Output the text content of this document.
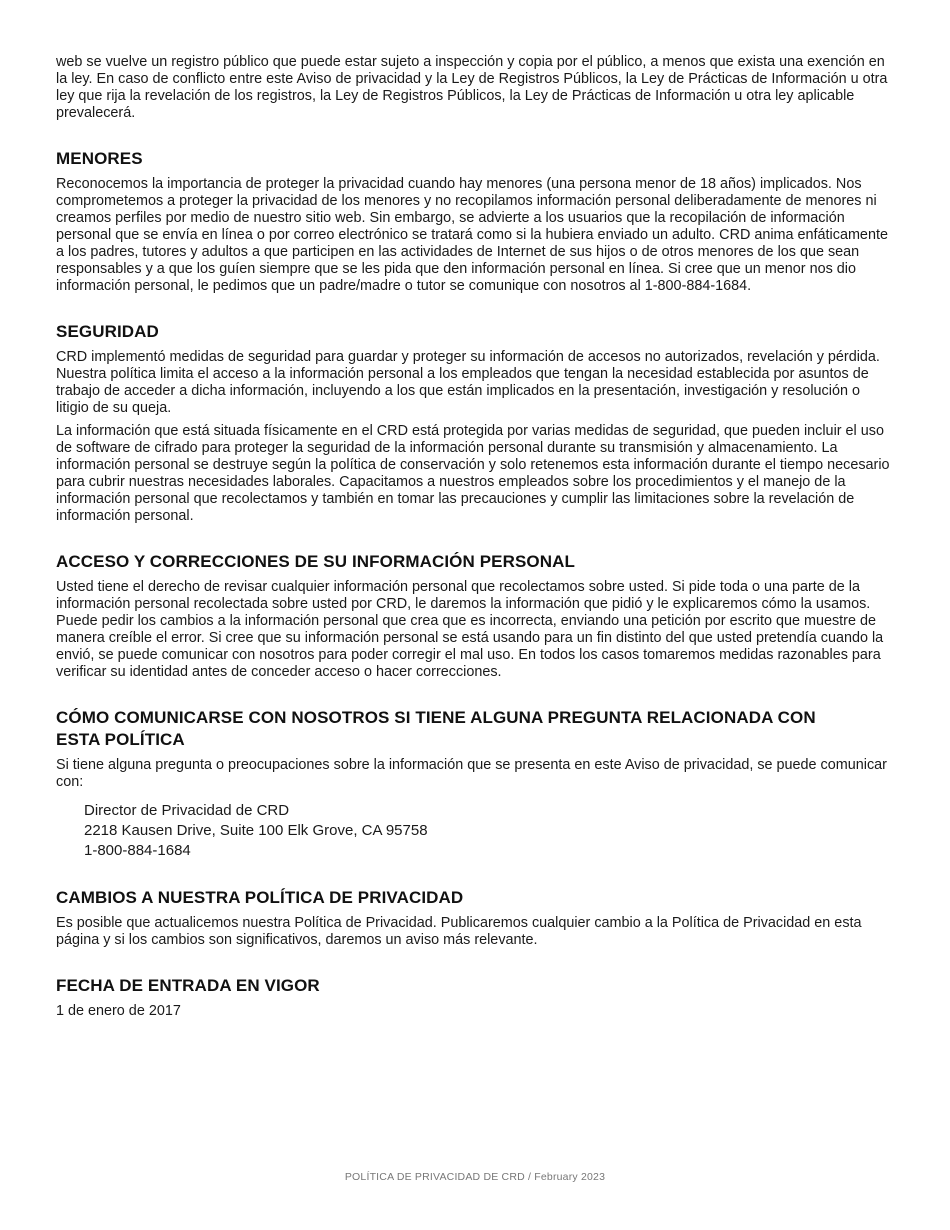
web se vuelve un registro público que puede estar sujeto a inspección y copia por el público, a menos que exista una exención en la ley. En caso de conflicto entre este Aviso de privacidad y la Ley de Registros Públicos, la Ley de Prácticas de Información u otra ley que rija la revelación de los registros, la Ley de Registros Públicos, la Ley de Prácticas de Información u otra ley aplicable prevalecerá.

MENORES

Reconocemos la importancia de proteger la privacidad cuando hay menores (una persona menor de 18 años) implicados. Nos comprometemos a proteger la privacidad de los menores y no recopilamos información personal deliberadamente de menores ni creamos perfiles por medio de nuestro sitio web. Sin embargo, se advierte a los usuarios que la recopilación de información personal que se envía en línea o por correo electrónico se tratará como si la hubiera enviado un adulto. CRD anima enfáticamente a los padres, tutores y adultos a que participen en las actividades de Internet de sus hijos o de otros menores de los que sean responsables y a que los guíen siempre que se les pida que den información personal en línea. Si cree que un menor nos dio información personal, le pedimos que un padre/madre o tutor se comunique con nosotros al 1-800-884-1684.

SEGURIDAD

CRD implementó medidas de seguridad para guardar y proteger su información de accesos no autorizados, revelación y pérdida. Nuestra política limita el acceso a la información personal a los empleados que tengan la necesidad establecida por asuntos de trabajo de acceder a dicha información, incluyendo a los que están implicados en la presentación, investigación y resolución o litigio de su queja.

La información que está situada físicamente en el CRD está protegida por varias medidas de seguridad, que pueden incluir el uso de software de cifrado para proteger la seguridad de la información personal durante su transmisión y almacenamiento. La información personal se destruye según la política de conservación y solo retenemos esta información durante el tiempo necesario para cubrir nuestras necesidades laborales. Capacitamos a nuestros empleados sobre los procedimientos y el manejo de la información personal que recolectamos y también en tomar las precauciones y cumplir las limitaciones sobre la revelación de información personal.

ACCESO Y CORRECCIONES DE SU INFORMACIÓN PERSONAL

Usted tiene el derecho de revisar cualquier información personal que recolectamos sobre usted. Si pide toda o una parte de la información personal recolectada sobre usted por CRD, le daremos la información que pidió y le explicaremos cómo la usamos. Puede pedir los cambios a la información personal que crea que es incorrecta, enviando una petición por escrito que muestre de manera creíble el error. Si cree que su información personal se está usando para un fin distinto del que usted pretendía cuando la envió, se puede comunicar con nosotros para poder corregir el mal uso. En todos los casos tomaremos medidas razonables para verificar su identidad antes de conceder acceso o hacer correcciones.

CÓMO COMUNICARSE CON NOSOTROS SI TIENE ALGUNA PREGUNTA RELACIONADA CON ESTA POLÍTICA

Si tiene alguna pregunta o preocupaciones sobre la información que se presenta en este Aviso de privacidad, se puede comunicar con:

Director de Privacidad de CRD
2218 Kausen Drive, Suite 100 Elk Grove, CA 95758
1-800-884-1684
CAMBIOS A NUESTRA POLÍTICA DE PRIVACIDAD

Es posible que actualicemos nuestra Política de Privacidad. Publicaremos cualquier cambio a la Política de Privacidad en esta página y si los cambios son significativos, daremos un aviso más relevante.

FECHA DE ENTRADA EN VIGOR

1 de enero de 2017

POLÍTICA DE PRIVACIDAD DE CRD / February 2023
